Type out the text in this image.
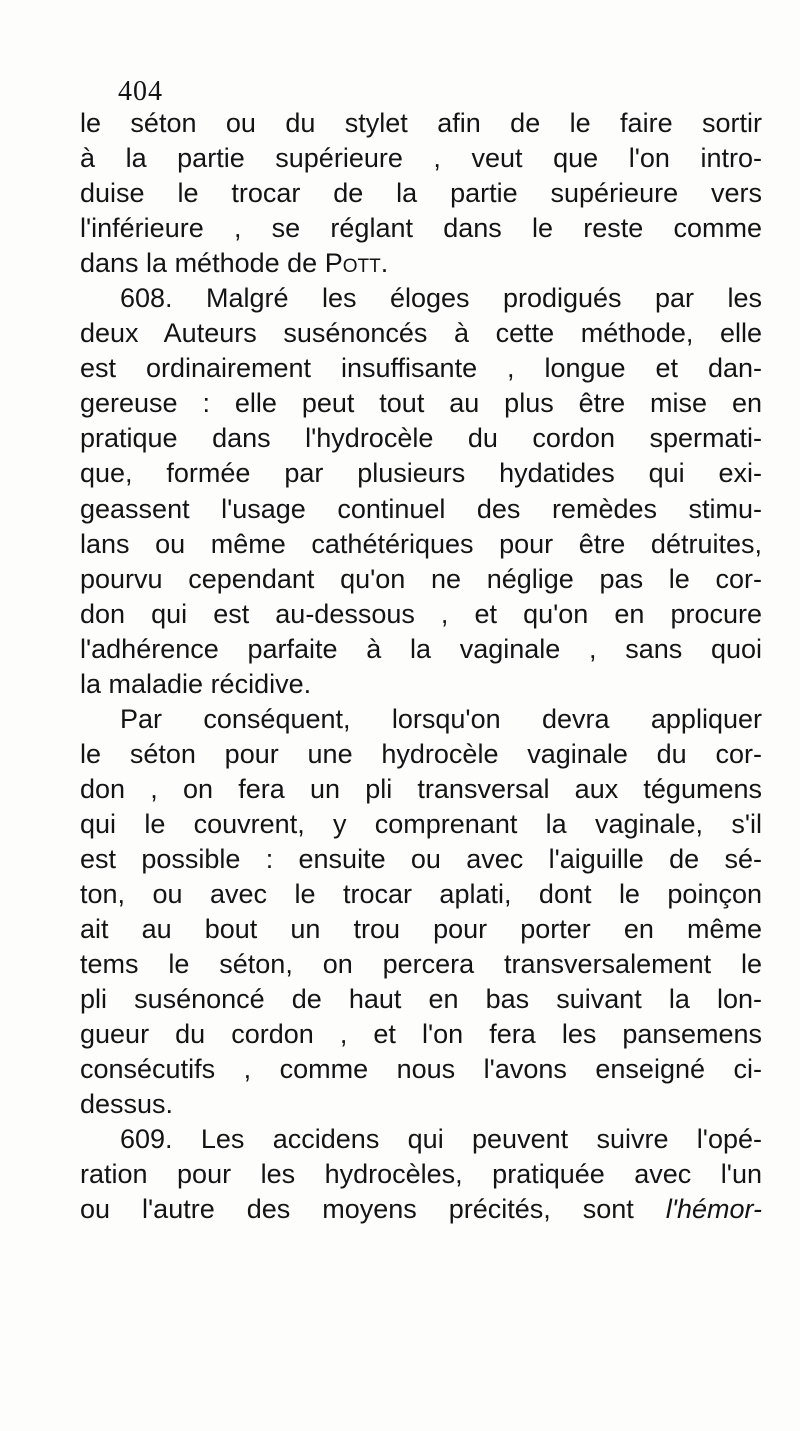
404
le séton ou du stylet afin de le faire sortir
à la partie supérieure , veut que l'on intro-
duise le trocar de la partie supérieure vers
l'inférieure , se réglant dans le reste comme
dans la méthode de Pott.
608. Malgré les éloges prodigués par les
deux Auteurs susénoncés à cette méthode, elle
est ordinairement insuffisante , longue et dan-
gereuse : elle peut tout au plus être mise en
pratique dans l'hydrocèle du cordon spermati-
que, formée par plusieurs hydatides qui exi-
geassent l'usage continuel des remèdes stimu-
lans ou même cathétériques pour être détruites,
pourvu cependant qu'on ne néglige pas le cor-
don qui est au-dessous , et qu'on en procure
l'adhérence parfaite à la vaginale , sans quoi
la maladie récidive.
Par conséquent, lorsqu'on devra appliquer
le séton pour une hydrocèle vaginale du cor-
don , on fera un pli transversal aux tégumens
qui le couvrent, y comprenant la vaginale, s'il
est possible : ensuite ou avec l'aiguille de sé-
ton, ou avec le trocar aplati, dont le poinçon
ait au bout un trou pour porter en même
tems le séton, on percera transversalement le
pli susénoncé de haut en bas suivant la lon-
gueur du cordon , et l'on fera les pansemens
consécutifs , comme nous l'avons enseigné ci-
dessus.
609. Les accidens qui peuvent suivre l'opé-
ration pour les hydrocèles, pratiquée avec l'un
ou l'autre des moyens précités, sont l'hémor-
